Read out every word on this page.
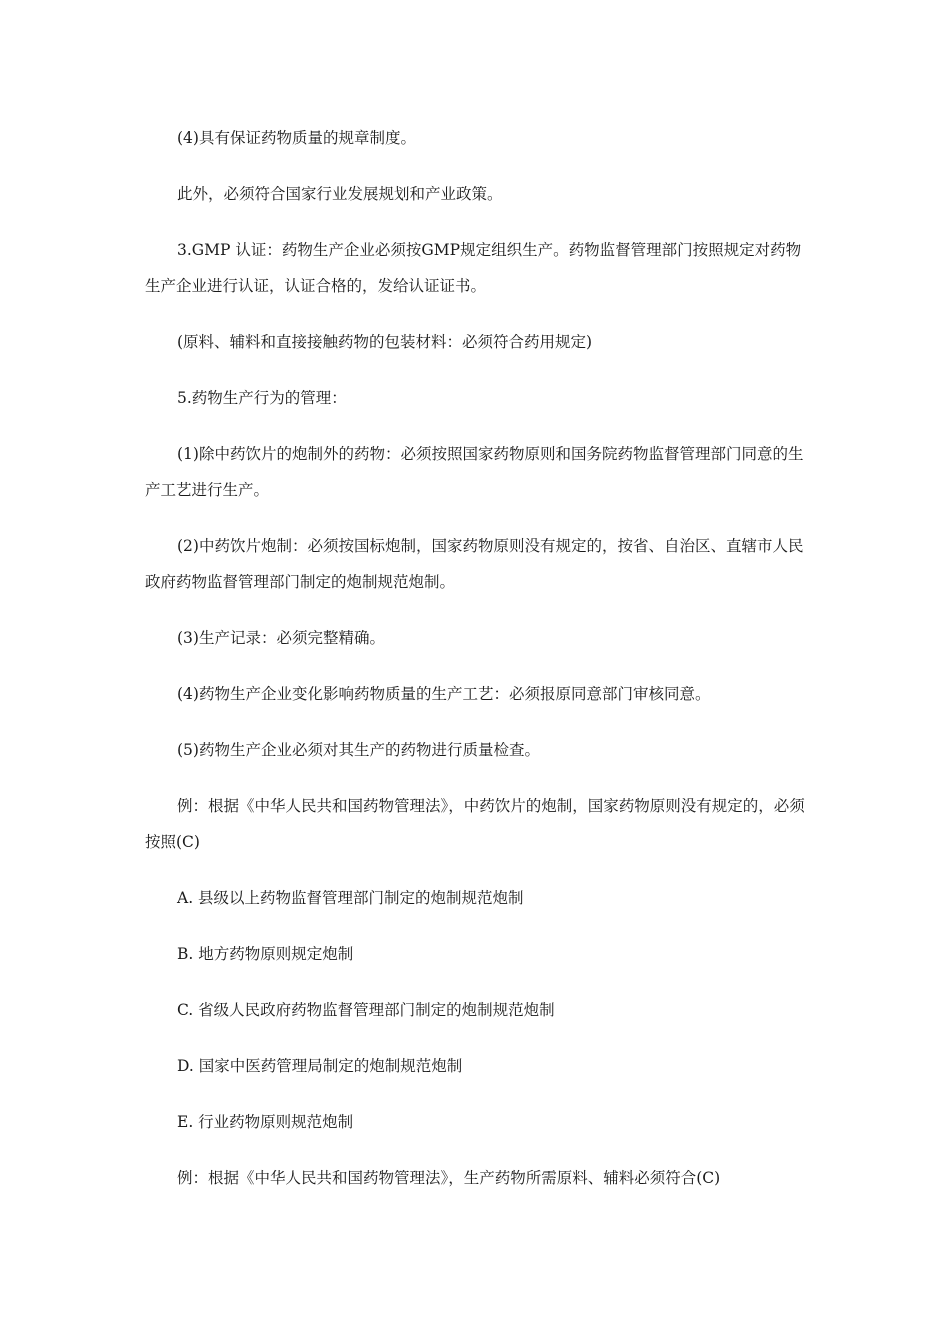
(4)具有保证药物质量的规章制度。

此外，必须符合国家行业发展规划和产业政策。

3.GMP 认证：药物生产企业必须按GMP规定组织生产。药物监督管理部门按照规定对药物生产企业进行认证，认证合格的，发给认证证书。

(原料、辅料和直接接触药物的包装材料：必须符合药用规定)

5.药物生产行为的管理：

(1)除中药饮片的炮制外的药物：必须按照国家药物原则和国务院药物监督管理部门同意的生产工艺进行生产。

(2)中药饮片炮制：必须按国标炮制，国家药物原则没有规定的，按省、自治区、直辖市人民政府药物监督管理部门制定的炮制规范炮制。

(3)生产记录：必须完整精确。

(4)药物生产企业变化影响药物质量的生产工艺：必须报原同意部门审核同意。

(5)药物生产企业必须对其生产的药物进行质量检查。

例：根据《中华人民共和国药物管理法》，中药饮片的炮制，国家药物原则没有规定的，必须按照(C)

A. 县级以上药物监督管理部门制定的炮制规范炮制

B. 地方药物原则规定炮制

C. 省级人民政府药物监督管理部门制定的炮制规范炮制

D. 国家中医药管理局制定的炮制规范炮制

E. 行业药物原则规范炮制

例：根据《中华人民共和国药物管理法》，生产药物所需原料、辅料必须符合(C)
